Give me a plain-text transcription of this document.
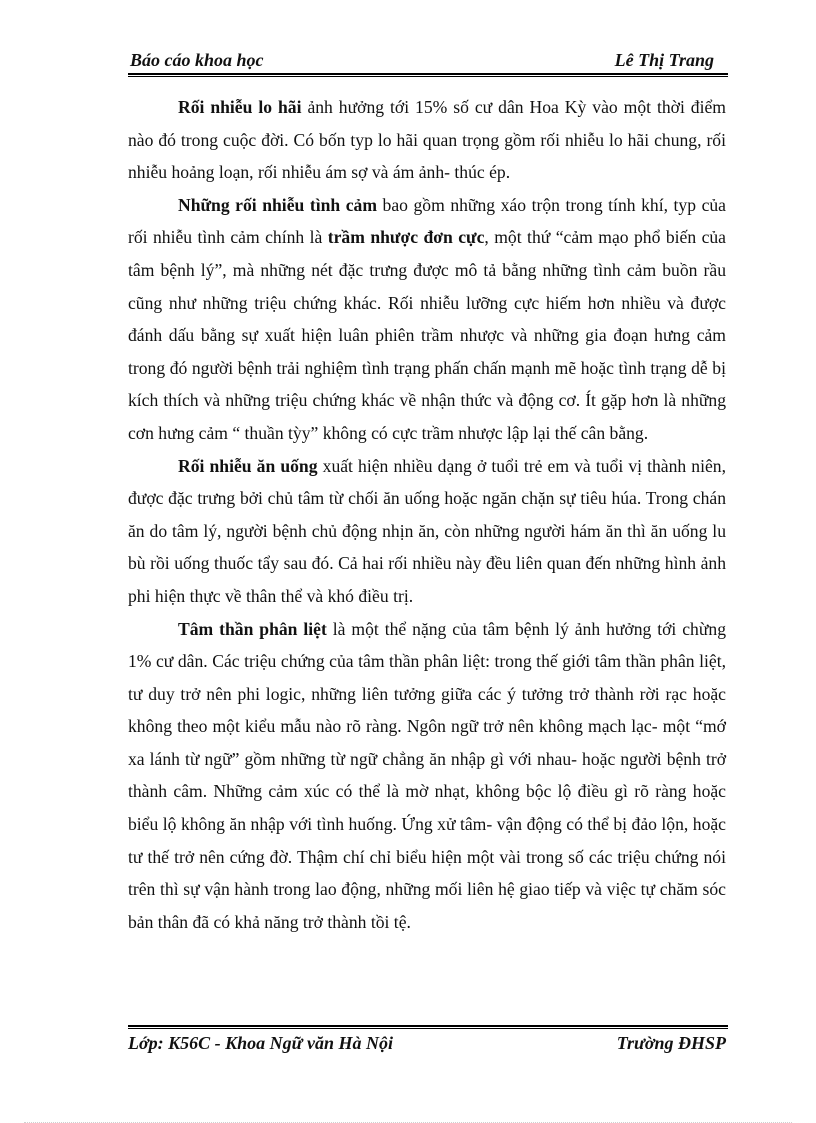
Báo cáo khoa học	Lê Thị Trang

Rối nhiễu lo hãi ảnh hưởng tới 15% số cư dân Hoa Kỳ vào một thời điểm nào đó trong cuộc đời. Có bốn typ lo hãi quan trọng gồm rối nhiễu lo hãi chung, rối nhiễu hoảng loạn, rối nhiễu ám sợ và ám ảnh- thúc ép.

Những rối nhiễu tình cảm bao gồm những xáo trộn trong tính khí, typ của rối nhiễu tình cảm chính là trầm nhược đơn cực, một thứ “cảm mạo phổ biến của tâm bệnh lý”, mà những nét đặc trưng được mô tả bằng những tình cảm buồn rầu cũng như những triệu chứng khác. Rối nhiễu lưỡng cực hiếm hơn nhiều và được đánh dấu bằng sự xuất hiện luân phiên trầm nhược và những gia đoạn hưng cảm trong đó người bệnh trải nghiệm tình trạng phấn chấn mạnh mẽ hoặc tình trạng dễ bị kích thích và những triệu chứng khác về nhận thức và động cơ. Ít gặp hơn là những cơn hưng cảm “ thuần tỳy” không có cực trầm nhược lập lại thế cân bằng.

Rối nhiễu ăn uống xuất hiện nhiều dạng ở tuổi trẻ em và tuổi vị thành niên, được đặc trưng bởi chủ tâm từ chối ăn uống hoặc ngăn chặn sự tiêu húa. Trong chán ăn do tâm lý, người bệnh chủ động nhịn ăn, còn những người hám ăn thì ăn uống lu bù rồi uống thuốc tẩy sau đó. Cả hai rối nhiều này đều liên quan đến những hình ảnh phi hiện thực về thân thể và khó điều trị.

Tâm thần phân liệt là một thể nặng của tâm bệnh lý ảnh hưởng tới chừng 1% cư dân. Các triệu chứng của tâm thần phân liệt: trong thế giới tâm thần phân liệt, tư duy trở nên phi logic, những liên tưởng giữa các ý tưởng trở thành rời rạc hoặc không theo một kiểu mẫu nào rõ ràng. Ngôn ngữ trở nên không mạch lạc- một “mớ xa lánh từ ngữ” gồm những từ ngữ chẳng ăn nhập gì với nhau- hoặc người bệnh trở thành câm. Những cảm xúc có thể là mờ nhạt, không bộc lộ điều gì rõ ràng hoặc biểu lộ không ăn nhập với tình huống. Ứng xử tâm- vận động có thể bị đảo lộn, hoặc tư thế trở nên cứng đờ. Thậm chí chỉ biểu hiện một vài trong số các triệu chứng nói trên thì sự vận hành trong lao động, những mối liên hệ giao tiếp và việc tự chăm sóc bản thân đã có khả năng trở thành tồi tệ.

Lớp: K56C - Khoa Ngữ văn Hà Nội	Trường ĐHSP
